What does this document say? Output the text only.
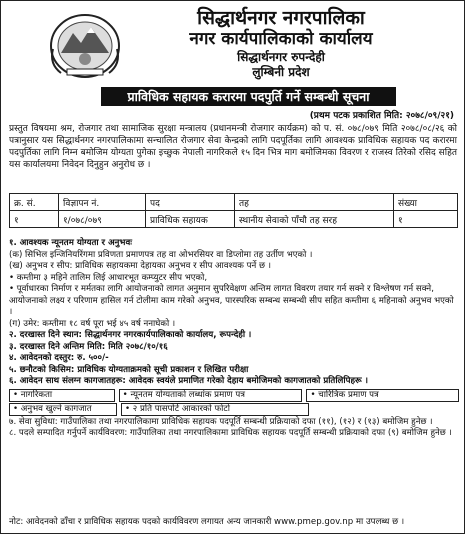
सिद्धार्थनगर नगरपालिका
नगर कार्यपालिकाको कार्यालय
सिद्धार्थनगर रुपन्देही
लुम्बिनी प्रदेश
प्राविधिक सहायक करारमा पदपुर्ति गर्ने सम्बन्धी सूचना
(प्रथम पटक प्रकाशित मिति: २०७८/०९/२१)
प्रस्तुत विषयमा श्रम, रोजगार तथा सामाजिक सुरक्षा मन्त्रालय (प्रधानमन्त्री रोजगार कार्यक्रम) को प. सं. ०७८/०७९ मिति २०७८/०८/२६ को पत्रानुसार यस सिद्धार्थनगर नगरपालिकामा सन्चालित रोजगार सेवा केन्द्रको लागि पदपूर्तिका लागि आवश्यक प्राविधिक सहायक पद करारमा पदपुर्तिका लागि निम्न बमोजिम योग्यता पुगेका इच्छुक नेपाली नागरिकले १५ दिन भित्र माग बमोजिमका विवरण र राजस्व तिरेको रसिद सहित यस कार्यालयमा निवेदन दिनुहुन अनुरोध छ ।
क्र. सं.	विज्ञापन नं.	पद	तह	संख्या
१	१/०७८/०७९	प्राविधिक सहायक	स्थानीय सेवाको पाँचौ तह सरह	१
१. आवश्यक न्यूनतम योग्यता र अनुभवः
(क) सिभिल इन्जिनियरिंगमा प्रविणता प्रमाणपत्र तह वा ओभरसियर वा डिप्लोमा तह उर्तीण भएको ।
(ख) अनुभव र सीप: प्राविधिक सहायकमा देहायका अनुभव र सीप आवश्यक पर्ने छ ।
• कम्तीमा ३ महिने तालिम लिई आधारभूत कम्प्युटर सीप भएको,
• पूर्वाधारका निर्माण र मर्मतका लागि आयोजनाको लागत अनुमान सुपरिवेक्षण अन्तिम लागत विवरण तयार गर्न सक्ने र विश्लेषण गर्न सक्ने, आयोजनाको लक्ष्य र परिणाम हासिल गर्न टोलीमा काम गरेको अनुभव, पारस्परिक सम्बन्ध सम्बन्धी सीप सहित कम्तीमा ६ महिनाको अनुभव भएको ।
(ग) उमेर: कम्तीमा १८ वर्ष पूरा भई ४५ वर्ष ननाघेको ।
२. दरखास्त दिने स्थान: सिद्धार्थनगर नगरकार्यपालिकाको कार्यालय, रूपन्देही ।
३. दरखास्त दिने अन्तिम मिति: मिति २०७८/१०/१६
४. आवेदनको दस्तुर: रु. ५००/-
५. छनौटको किसिम: प्राविधिक योग्यताक्रमको सूची प्रकाशन र लिखित परीक्षा
६. आवेदन साथ संलग्न कागजातहरू: आवेदक स्वयंले प्रमाणित गरेको देहाय बमोजिमको कागजातको प्रतिलिपिहरू ।
• नागरिकता	• न्यूनतम योग्यताको लब्धांक प्रमाण पत्र	• चारित्रिक प्रमाण पत्र
• अनुभव खुल्ने कागजात	• २ प्रति पासपोर्ट आकारको फोटो
७. सेवा सुविधा: गाउँपालिका तथा नगरपालिकामा प्राविधिक सहायक पदपूर्ति सम्बन्धी प्रक्रियाको दफा (११), (१२) र (१३) बमोजिम हुनेछ ।
८. पदले सम्पादित गर्नुपर्ने कार्यविवरण: गाउँपालिका तथा नगरपालिकामा प्राविधिक सहायक पदपूर्ति सम्बन्धी प्रक्रियाको दफा (९) बमोजिम हुनेछ ।
नोट: आवेदनको ढाँचा र प्राविधिक सहायक पदको कार्यविवरण लगायत अन्य जानकारी www.pmep.gov.np मा उपलब्ध छ ।
